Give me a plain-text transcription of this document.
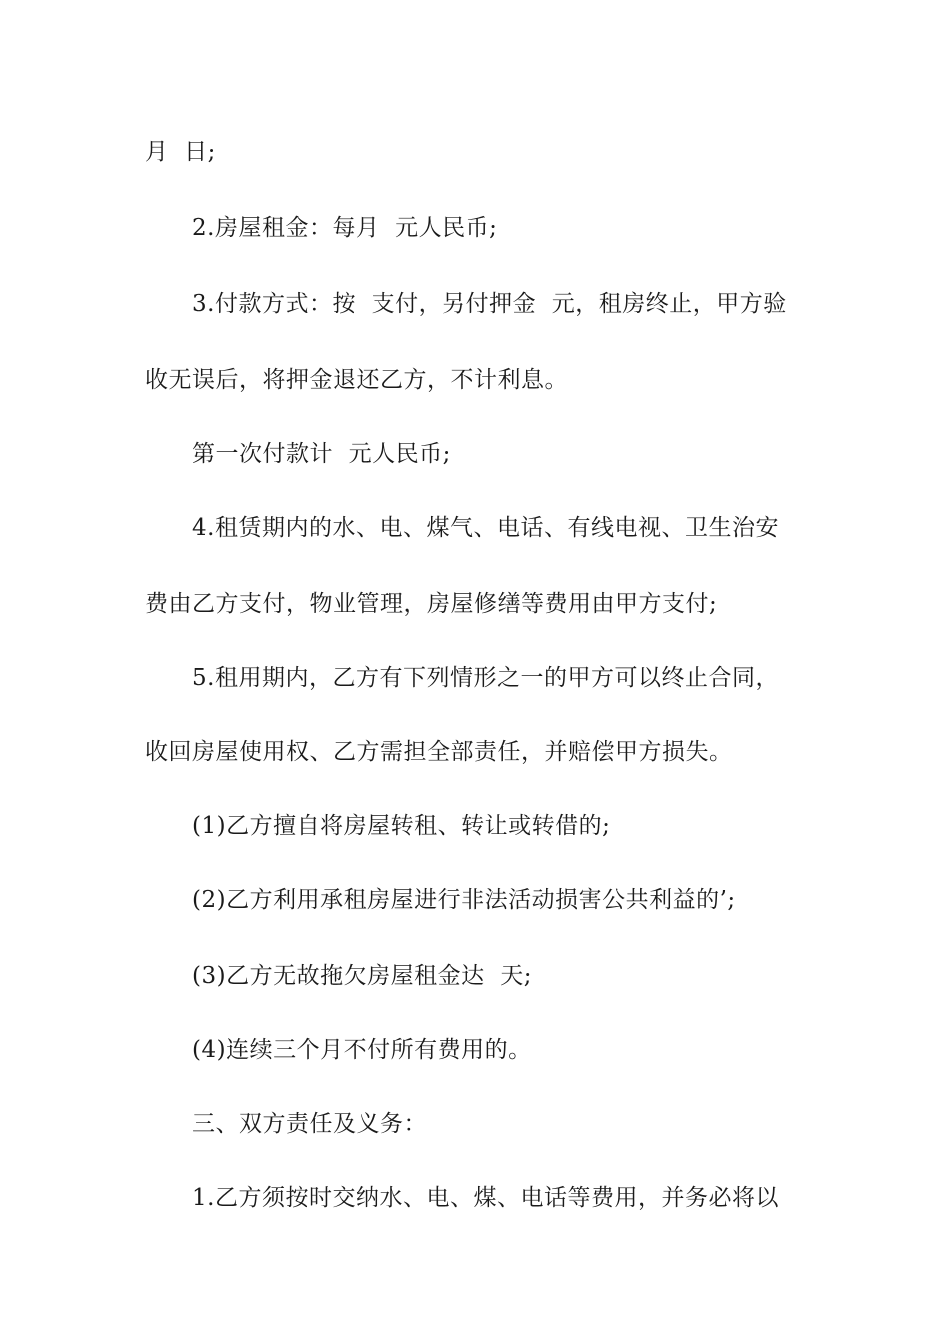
月  日;
2.房屋租金：每月  元人民币;
3.付款方式：按  支付，另付押金  元，租房终止，甲方验
收无误后，将押金退还乙方，不计利息。
第一次付款计  元人民币;
4.租赁期内的水、电、煤气、电话、有线电视、卫生治安
费由乙方支付，物业管理，房屋修缮等费用由甲方支付;
5.租用期内，乙方有下列情形之一的甲方可以终止合同，
收回房屋使用权、乙方需担全部责任，并赔偿甲方损失。
(1)乙方擅自将房屋转租、转让或转借的;
(2)乙方利用承租房屋进行非法活动损害公共利益的’;
(3)乙方无故拖欠房屋租金达  天;
(4)连续三个月不付所有费用的。
三、双方责任及义务：
1.乙方须按时交纳水、电、煤、电话等费用，并务必将以
